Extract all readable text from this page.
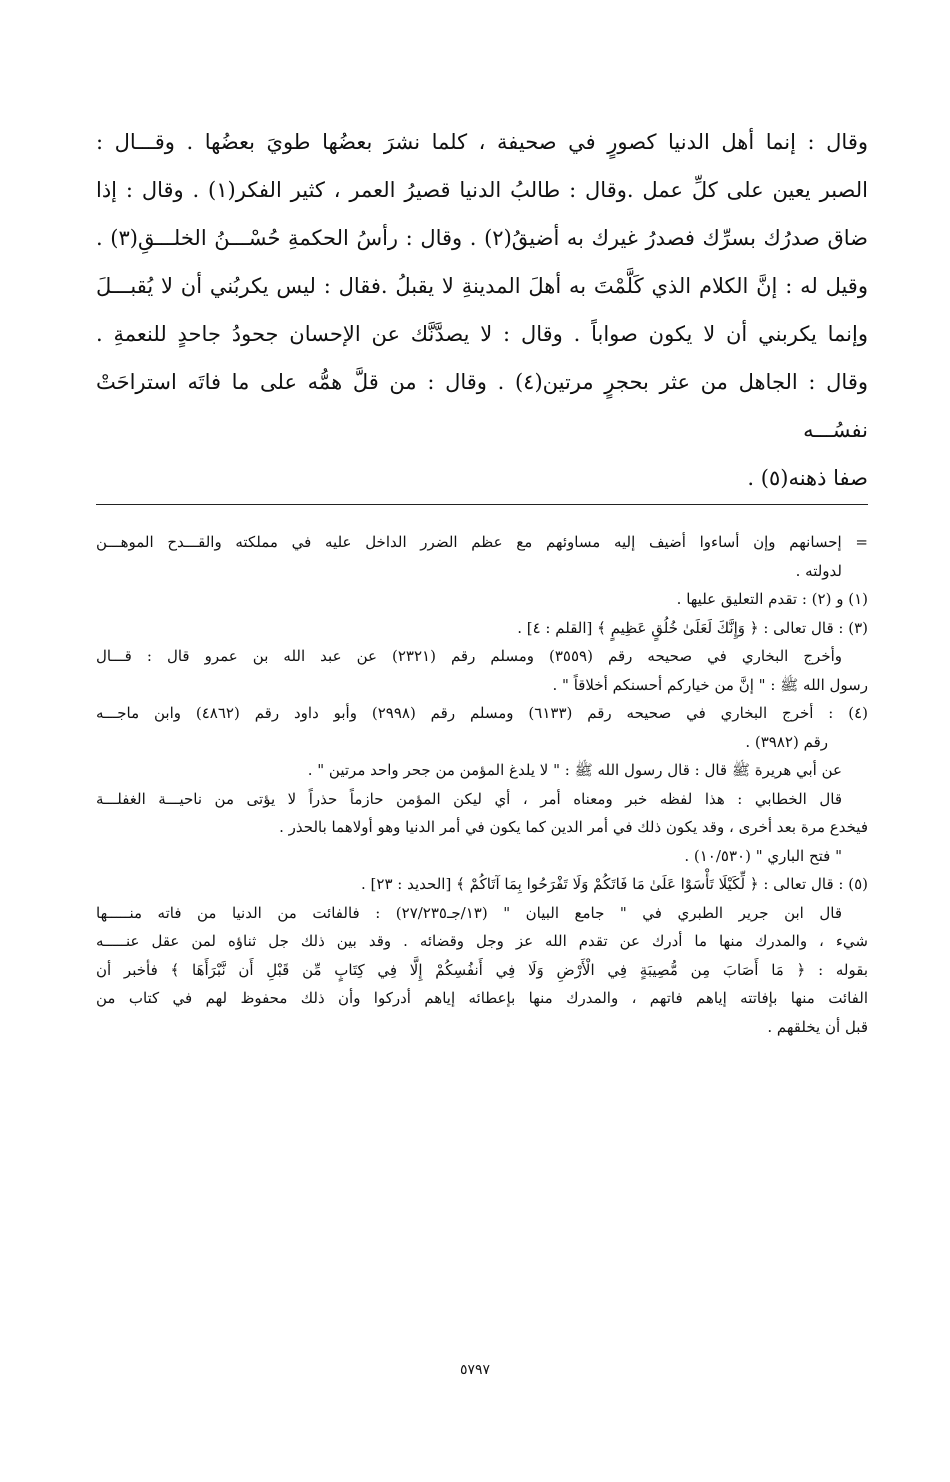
وقال : إنما أهل الدنيا كصورٍ في صحيفة ، كلما نشرَ بعضُها طويَ بعضُها . وقـــال :

الصبر يعين على كلِّ عمل .وقال : طالبُ الدنيا قصيرُ العمر ، كثير الفكر(١) . وقال : إذا

ضاق صدرُك بسرِّك فصدرُ غيرك به أضيقُ(٢) . وقال : رأسُ الحكمةِ حُسْـــنُ الخلـــقِ(٣) .

وقيل له : إنَّ الكلام الذي كَلَّمْتَ به أهلَ المدينةِ لا يقبلُ .فقال : ليس يكربُني أن لا يُقبـــلَ

وإنما يكربني أن لا يكون صواباً . وقال : لا يصدَّنَّك عن الإحسان جحودُ جاحدٍ للنعمةِ .

وقال : الجاهل من عثر بحجرٍ مرتين(٤) . وقال : من قلَّ همُّه على ما فاتَه استراحَتْ نفسُـــه

صفا ذهنه(٥) .

= إحسانهم وإن أساءوا أضيف إليه مساوئهم مع عظم الضرر الداخل عليه في مملكته والقـــدح الموهـــن

لدولته .

(١) و (٢) : تقدم التعليق عليها .

(٣) : قال تعالى : ﴿ وَإِنَّكَ لَعَلَىٰ خُلُقٍ عَظِيمٍ ﴾ [القلم : ٤] .

وأخرج البخاري في صحيحه رقم (٣٥٥٩) ومسلم رقم (٢٣٢١) عن عبد الله بن عمرو قال : قـــال

رسول الله ﷺ : " إنَّ من خياركم أحسنكم أخلاقاً " .

(٤) : أخرج البخاري في صحيحه رقم (٦١٣٣) ومسلم رقم (٢٩٩٨) وأبو داود رقم (٤٨٦٢) وابن ماجـــه

رقم (٣٩٨٢) .

عن أبي هريرة ﷺ قال : قال رسول الله ﷺ : " لا يلدغ المؤمن من جحر واحد مرتين " .

قال الخطابي : هذا لفظه خبر ومعناه أمر ، أي ليكن المؤمن حازماً حذراً لا يؤتى من ناحيـــة الغفلـــة

فيخدع مرة بعد أخرى ، وقد يكون ذلك في أمر الدين كما يكون في أمر الدنيا وهو أولاهما بالحذر .

" فتح الباري " (١٠/٥٣٠) .

(٥) : قال تعالى : ﴿ لِّكَيْلَا تَأْسَوْا عَلَىٰ مَا فَاتَكُمْ وَلَا تَفْرَحُوا بِمَا آتَاكُمْ ﴾ [الحديد : ٢٣] .

قال ابن جرير الطبري في " جامع البيان " (١٣/جـ٢٧/٢٣٥) : فالفائت من الدنيا من فاته منـــــها

شيء ، والمدرك منها ما أدرك عن تقدم الله عز وجل وقضائه . وقد بين ذلك جل ثناؤه لمن عقل عنـــــه

بقوله : ﴿ مَا أَصَابَ مِن مُّصِيبَةٍ فِي الْأَرْضِ وَلَا فِي أَنفُسِكُمْ إِلَّا فِي كِتَابٍ مِّن قَبْلِ أَن نَّبْرَأَهَا ﴾ فأخبر أن

الفائت منها بإفاتته إياهم فاتهم ، والمدرك منها بإعطائه إياهم أدركوا وأن ذلك محفوظ لهم في كتاب من

قبل أن يخلقهم .

٥٧٩٧
